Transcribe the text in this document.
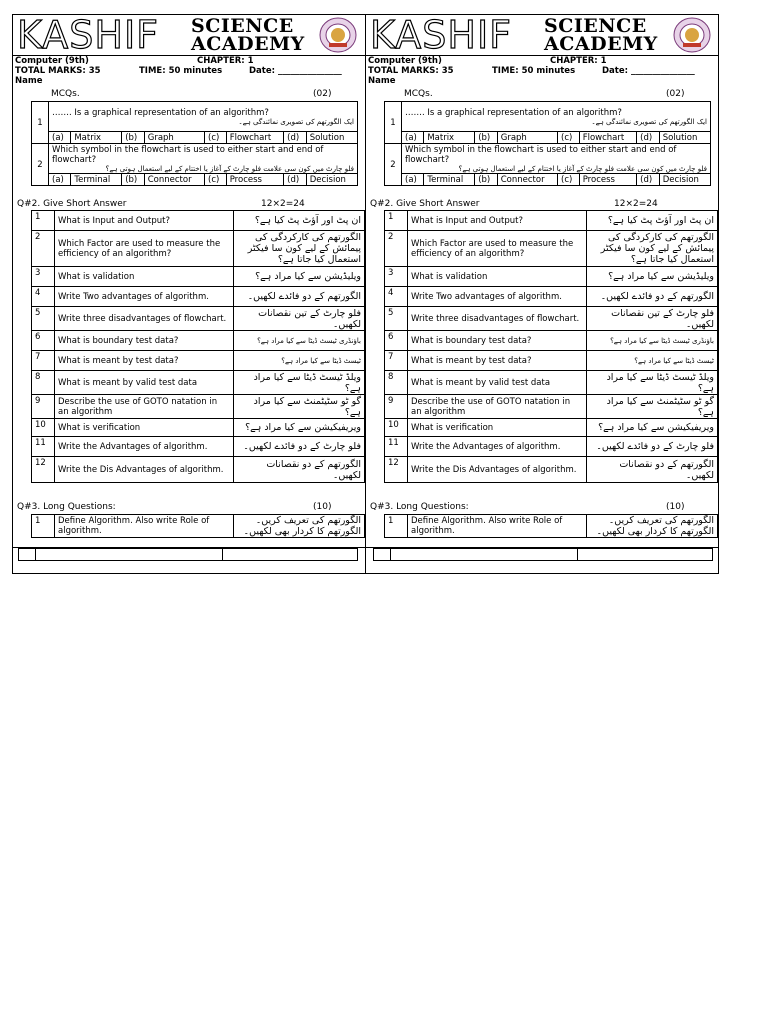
KASHIF SCIENCE
ACADEMY
Computer (9th)	CHAPTER: 1
TOTAL MARKS: 35	TIME: 50 minutes	Date: _______________
Name
MCQs.	(02)
1	……. Is a graphical representation of an algorithm?
ایک الگورتھم کی تصویری نمائندگی ہے۔							

	(a)	Matrix	(b)	Graph	(c)	Flowchart	(d)	Solution
2	Which symbol in the flowchart is used to either start and end of flowchart?
فلو چارٹ میں کون سی علامت فلو چارٹ کے آغاز یا اختتام کے لیے استعمال ہوتی ہے؟							

	(a)	Terminal	(b)	Connector	(c)	Process	(d)	Decision
Q#2. Give Short Answer	12×2=24
1	What is Input and Output?	ان پٹ اور آؤٹ پٹ کیا ہے؟
2	Which Factor are used to measure the efficiency of an algorithm?	الگورتھم کی کارکردگی کی پیمائش کے لیے کون سا فیکٹر استعمال کیا جاتا ہے؟
3	What is validation	ویلیڈیشن سے کیا مراد ہے؟
4	Write Two advantages of algorithm.	الگورتھم کے دو فائدے لکھیں۔
5	Write three disadvantages of flowchart.	فلو چارٹ کے تین نقصانات لکھیں۔
6	What is boundary test data?	باؤنڈری ٹیسٹ ڈیٹا سے کیا مراد ہے؟
7	What is meant by test data?	ٹیسٹ ڈیٹا سے کیا مراد ہے؟
8	What is meant by valid test data	ویلڈ ٹیسٹ ڈیٹا سے کیا مراد ہے؟
9	Describe the use of GOTO natation in an algorithm	گو ٹو سٹیٹمنٹ سے کیا مراد ہے؟
10	What is verification	ویریفیکیشن سے کیا مراد ہے؟
11	Write the Advantages of algorithm.	فلو چارٹ کے دو فائدے لکھیں۔
12	Write the Dis Advantages of algorithm.	الگورتھم کے دو نقصانات لکھیں۔
Q#3. Long Questions:	(10)
1	Define Algorithm. Also write Role of algorithm.	الگورتھم کی تعریف کریں۔ الگورتھم کا کردار بھی لکھیں۔
KASHIF SCIENCE
ACADEMY
Computer (9th)	CHAPTER: 1
TOTAL MARKS: 35	TIME: 50 minutes	Date: _______________
Name
MCQs.	(02)
1	……. Is a graphical representation of an algorithm?
ایک الگورتھم کی تصویری نمائندگی ہے۔							

	(a)	Matrix	(b)	Graph	(c)	Flowchart	(d)	Solution
2	Which symbol in the flowchart is used to either start and end of flowchart?
فلو چارٹ میں کون سی علامت فلو چارٹ کے آغاز یا اختتام کے لیے استعمال ہوتی ہے؟							

	(a)	Terminal	(b)	Connector	(c)	Process	(d)	Decision
Q#2. Give Short Answer	12×2=24
1	What is Input and Output?	ان پٹ اور آؤٹ پٹ کیا ہے؟
2	Which Factor are used to measure the efficiency of an algorithm?	الگورتھم کی کارکردگی کی پیمائش کے لیے کون سا فیکٹر استعمال کیا جاتا ہے؟
3	What is validation	ویلیڈیشن سے کیا مراد ہے؟
4	Write Two advantages of algorithm.	الگورتھم کے دو فائدے لکھیں۔
5	Write three disadvantages of flowchart.	فلو چارٹ کے تین نقصانات لکھیں۔
6	What is boundary test data?	باؤنڈری ٹیسٹ ڈیٹا سے کیا مراد ہے؟
7	What is meant by test data?	ٹیسٹ ڈیٹا سے کیا مراد ہے؟
8	What is meant by valid test data	ویلڈ ٹیسٹ ڈیٹا سے کیا مراد ہے؟
9	Describe the use of GOTO natation in an algorithm	گو ٹو سٹیٹمنٹ سے کیا مراد ہے؟
10	What is verification	ویریفیکیشن سے کیا مراد ہے؟
11	Write the Advantages of algorithm.	فلو چارٹ کے دو فائدے لکھیں۔
12	Write the Dis Advantages of algorithm.	الگورتھم کے دو نقصانات لکھیں۔
Q#3. Long Questions:	(10)
1	Define Algorithm. Also write Role of algorithm.	الگورتھم کی تعریف کریں۔ الگورتھم کا کردار بھی لکھیں۔
